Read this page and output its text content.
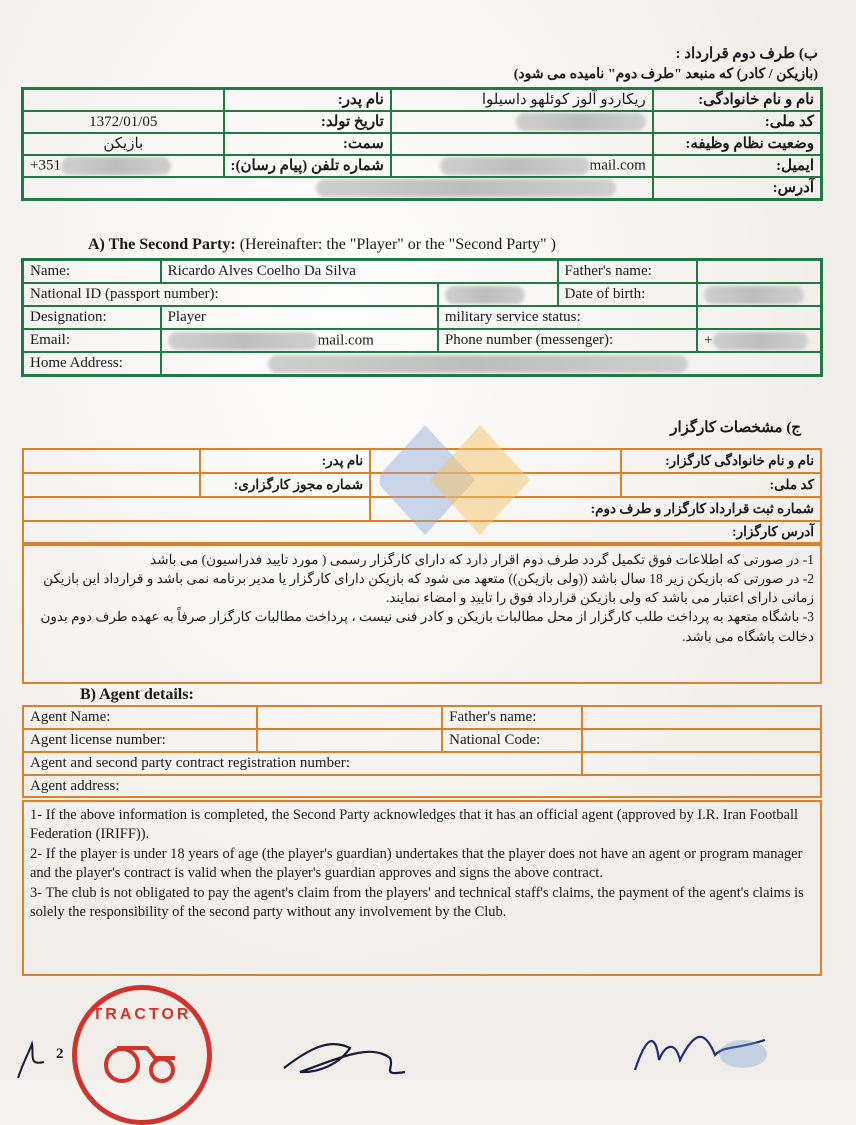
ب) طرف دوم قرارداد :
(بازیکن / کادر) که منبعد "طرف دوم" نامیده می شود)
نام و نام خانوادگی:	ریکاردو آلوز کوئلهو داسیلوا	نام پدر:	
کد ملی:		تاریخ تولد:	1372/01/05
وضعیت نظام وظیفه:		سمت:	بازیکن
ایمیل:	mail.com	شماره تلفن (پیام رسان):	+351
آدرس:			
A) The Second Party: (Hereinafter: the "Player" or the "Second Party" )
Name:	Ricardo Alves Coelho Da Silva		Father's name:	
National ID (passport number):			Date of birth:	
Designation:	Player	military service status:		
Email:	mail.com	Phone number (messenger):		+
Home Address:				
ج) مشخصات کارگزار
نام و نام خانوادگی کارگزار:		نام پدر:	
کد ملی:		شماره مجوز کارگزاری:	
شماره ثبت قرارداد کارگزار و طرف دوم:			
آدرس کارگزار:			
1- در صورتی که اطلاعات فوق تکمیل گردد طرف دوم اقرار دارد که دارای کارگزار رسمی ( مورد تایید فدراسیون) می باشد
2- در صورتی که بازیکن زیر 18 سال باشد ((ولی بازیکن)) متعهد می شود که بازیکن دارای کارگزار یا مدیر برنامه نمی باشد و قرارداد این بازیکن زمانی دارای اعتبار می باشد که ولی بازیکن قرارداد فوق را تایید و امضاء نمایند.
3- باشگاه متعهد به پرداخت طلب کارگزار از محل مطالبات بازیکن و کادر فنی نیست ، پرداخت مطالبات کارگزار صرفاً به عهده طرف دوم بدون دخالت باشگاه می باشد.
B) Agent details:
Agent Name:		Father's name:	
Agent license number:		National Code:	
Agent and second party contract registration number:			
Agent address:			
1- If the above information is completed, the Second Party acknowledges that it has an official agent (approved by I.R. Iran Football Federation (IRIFF)).
2- If the player is under 18 years of age (the player's guardian) undertakes that the player does not have an agent or program manager and the player's contract is valid when the player's guardian approves and signs the above contract.
3- The club is not obligated to pay the agent's claim from the players' and technical staff's claims, the payment of the agent's claims is solely the responsibility of the second party without any involvement by the Club.
2
TRACTOR
